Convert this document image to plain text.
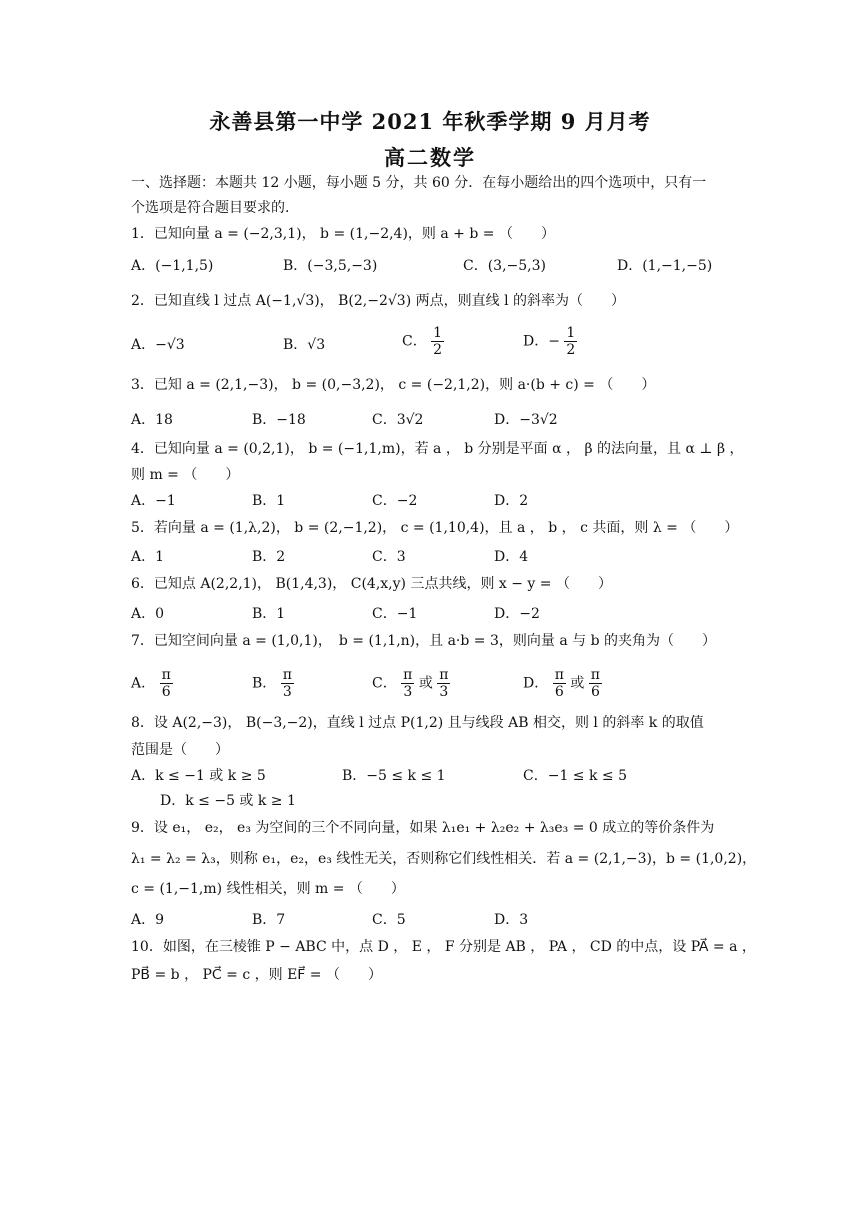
永善县第一中学 2021 年秋季学期 9 月月考
高二数学
一、选择题：本题共 12 小题，每小题 5 分，共 60 分．在每小题给出的四个选项中，只有一
个选项是符合题目要求的．
1．已知向量 a = (−2,3,1)， b = (1,−2,4)，则 a + b = （　　）
A．(−1,1,5)	B．(−3,5,−3)	C．(3,−5,3)	D．(1,−1,−5)
2．已知直线 l 过点 A(−1,√3)， B(2,−2√3) 两点，则直线 l 的斜率为（　　）
A．−√3	B．√3	C． $\frac{1}{2}$	D．− $\frac{1}{2}$
3．已知 a = (2,1,−3)， b = (0,−3,2)， c = (−2,1,2)，则 a·(b + c) = （　　）
A．18	B．−18	C．3√2	D．−3√2
4．已知向量 a = (0,2,1)， b = (−1,1,m)，若 a ， b 分别是平面 α ， β 的法向量，且 α ⊥ β ，
则 m = （　　）
A．−1	B．1	C．−2	D．2
5．若向量 a = (1,λ,2)， b = (2,−1,2)， c = (1,10,4)，且 a ， b ， c 共面，则 λ = （　　）
A．1	B．2	C．3	D．4
6．已知点 A(2,2,1)， B(1,4,3)， C(4,x,y) 三点共线，则 x − y = （　　）
A．0	B．1	C．−1	D．−2
7．已知空间向量 a = (1,0,1)，　b = (1,1,n)，且 a·b = 3，则向量 a 与 b 的夹角为（　　）
A． $\frac{\pi}{6}$	B． $\frac{\pi}{3}$	C． $\frac{\pi}{3}$ 或 $\frac{\pi}{3}$	D． $\frac{\pi}{6}$ 或 $\frac{\pi}{6}$
8．设 A(2,−3)， B(−3,−2)，直线 l 过点 P(1,2) 且与线段 AB 相交，则 l 的斜率 k 的取值
范围是（　　）
A．k ≤ −1 或 k ≥ 5	B．−5 ≤ k ≤ 1	C．−1 ≤ k ≤ 5
D．k ≤ −5 或 k ≥ 1
9．设 e₁， e₂， e₃ 为空间的三个不同向量，如果 λ₁e₁ + λ₂e₂ + λ₃e₃ = 0 成立的等价条件为
λ₁ = λ₂ = λ₃，则称 e₁，e₂，e₃ 线性无关，否则称它们线性相关．若 a = (2,1,−3)，b = (1,0,2)，
c = (1,−1,m) 线性相关，则 m = （　　）
A．9	B．7	C．5	D．3
10．如图，在三棱锥 P − ABC 中，点 D ， E ， F 分别是 AB ， PA ， CD 的中点，设 PA⃗ = a ，
PB⃗ = b ， PC⃗ = c ，则 EF⃗ = （　　）
